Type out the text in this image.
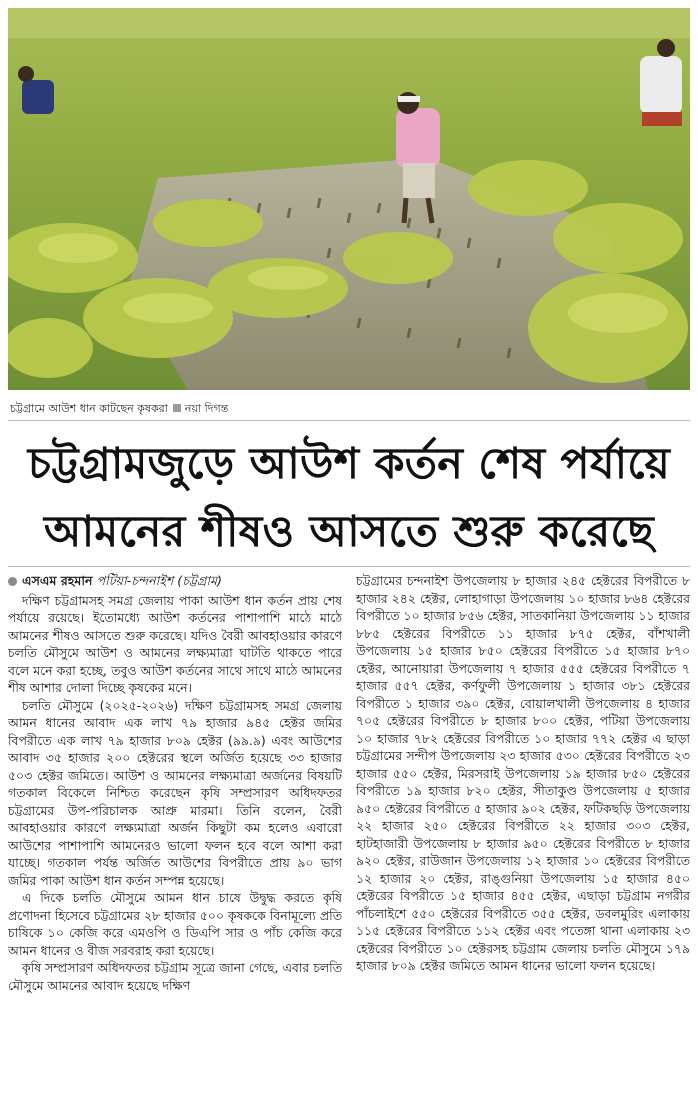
চট্টগ্রামে আউশ ধান কাটছেন কৃষকরা নয়া দিগন্ত
চট্টগ্রামজুড়ে আউশ কর্তন শেষ পর্যায়ে
আমনের শীষও আসতে শুরু করেছে
এসএম রহমান পটিয়া-চন্দনাইশ (চট্টগ্রাম)

দক্ষিণ চট্টগ্রামসহ সমগ্র জেলায় পাকা আউশ ধান কর্তন প্রায় শেষ পর্যায়ে রয়েছে। ইতোমধ্যে আউশ কর্তনের পাশাপাশি মাঠে মাঠে আমনের শীষও আসতে শুরু করেছে। যদিও বৈরী আবহাওয়ার কারণে চলতি মৌসুমে আউশ ও আমনের লক্ষ্যমাত্রা ঘাটতি থাকতে পারে বলে মনে করা হচ্ছে, তবুও আউশ কর্তনের সাথে সাথে মাঠে আমনের শীষ আশার দোলা দিচ্ছে কৃষকের মনে।

চলতি মৌসুমে (২০২৫-২০২৬) দক্ষিণ চট্টগ্রামসহ সমগ্র জেলায় আমন ধানের আবাদ এক লাখ ৭৯ হাজার ৯৪৫ হেক্টর জমির বিপরীতে এক লাখ ৭৯ হাজার ৮০৯ হেক্টর (৯৯.৯) এবং আউশের আবাদ ৩৫ হাজার ২০০ হেক্টরের স্থলে অর্জিত হয়েছে ৩৩ হাজার ৫০৩ হেক্টর জমিতে। আউশ ও আমনের লক্ষ্যমাত্রা অর্জনের বিষয়টি গতকাল বিকেলে নিশ্চিত করেছেন কৃষি সম্প্রসারণ অধিদফতর চট্টগ্রামের উপ-পরিচালক আপ্রু মারমা। তিনি বলেন, বৈরী আবহাওয়ার কারণে লক্ষ্যমাত্রা অর্জন কিছুটা কম হলেও এবারো আউশের পাশাপাশি আমনেরও ভালো ফলন হবে বলে আশা করা যাচ্ছে। গতকাল পর্যন্ত অর্জিত আউশের বিপরীতে প্রায় ৯০ ভাগ জমির পাকা আউশ ধান কর্তন সম্পন্ন হয়েছে।

এ দিকে চলতি মৌসুমে আমন ধান চাষে উদ্বুদ্ধ করতে কৃষি প্রণোদনা হিসেবে চট্টগ্রামের ২৮ হাজার ৫০০ কৃষককে বিনামূল্যে প্রতি চাষিকে ১০ কেজি করে এমওপি ও ডিএপি সার ও পাঁচ কেজি করে আমন ধানের ও বীজ সরবরাহ করা হয়েছে।

কৃষি সম্প্রসারণ অধিদফতর চট্টগ্রাম সূত্রে জানা গেছে, এবার চলতি মৌসুমে আমনের আবাদ হয়েছে দক্ষিণ

চট্টগ্রামের চন্দনাইশ উপজেলায় ৮ হাজার ২৪৫ হেক্টরের বিপরীতে ৮ হাজার ২৪২ হেক্টর, লোহাগাড়া উপজেলায় ১০ হাজার ৮৬৪ হেক্টরের বিপরীতে ১০ হাজার ৮৫৬ হেক্টর, সাতকানিয়া উপজেলায় ১১ হাজার ৮৮৫ হেক্টরের বিপরীতে ১১ হাজার ৮৭৫ হেক্টর, বাঁশখালী উপজেলায় ১৫ হাজার ৮৫০ হেক্টরের বিপরীতে ১৫ হাজার ৮৭০ হেক্টর, আনোয়ারা উপজেলায় ৭ হাজার ৫৫৫ হেক্টরের বিপরীতে ৭ হাজার ৫৫৭ হেক্টর, কর্ণফুলী উপজেলায় ১ হাজার ৩৮১ হেক্টরের বিপরীতে ১ হাজার ৩৯০ হেক্টর, বোয়ালখালী উপজেলায় ৪ হাজার ৭০৫ হেক্টরের বিপরীতে ৮ হাজার ৮০০ হেক্টর, পটিয়া উপজেলায় ১০ হাজার ৭৮২ হেক্টরের বিপরীতে ১০ হাজার ৭৭২ হেক্টর এ ছাড়া চট্টগ্রামের সন্দীপ উপজেলায় ২৩ হাজার ৫৩০ হেক্টরের বিপরীতে ২৩ হাজার ৫৫০ হেক্টর, মিরসরাই উপজেলায় ১৯ হাজার ৮৫০ হেক্টরের বিপরীতে ১৯ হাজার ৮২০ হেক্টর, সীতাকুণ্ড উপজেলায় ৫ হাজার ৯৫০ হেক্টরের বিপরীতে ৫ হাজার ৯০২ হেক্টর, ফটিকছড়ি উপজেলায় ২২ হাজার ২৫০ হেক্টরের বিপরীতে ২২ হাজার ৩০৩ হেক্টর, হাটহাজারী উপজেলায় ৮ হাজার ৯৫০ হেক্টরের বিপরীতে ৮ হাজার ৯২০ হেক্টর, রাউজান উপজেলায় ১২ হাজার ১০ হেক্টরের বিপরীতে ১২ হাজার ২০ হেক্টর, রাঙ্গুনিয়া উপজেলায় ১৫ হাজার ৪৫০ হেক্টরের বিপরীতে ১৫ হাজার ৪৫৫ হেক্টর, এছাড়া চট্টগ্রাম নগরীর পাঁচলাইশে ৫৫০ হেক্টরের বিপরীতে ৩৫৫ হেক্টর, ডবলমুরিং এলাকায় ১১৫ হেক্টরের বিপরীতে ১১২ হেক্টর এবং পতেঙ্গা থানা এলাকায় ২৩ হেক্টরের বিপরীতে ১০ হেক্টরসহ চট্টগ্রাম জেলায় চলতি মৌসুমে ১৭৯ হাজার ৮০৯ হেক্টর জমিতে আমন ধানের ভালো ফলন হয়েছে।
